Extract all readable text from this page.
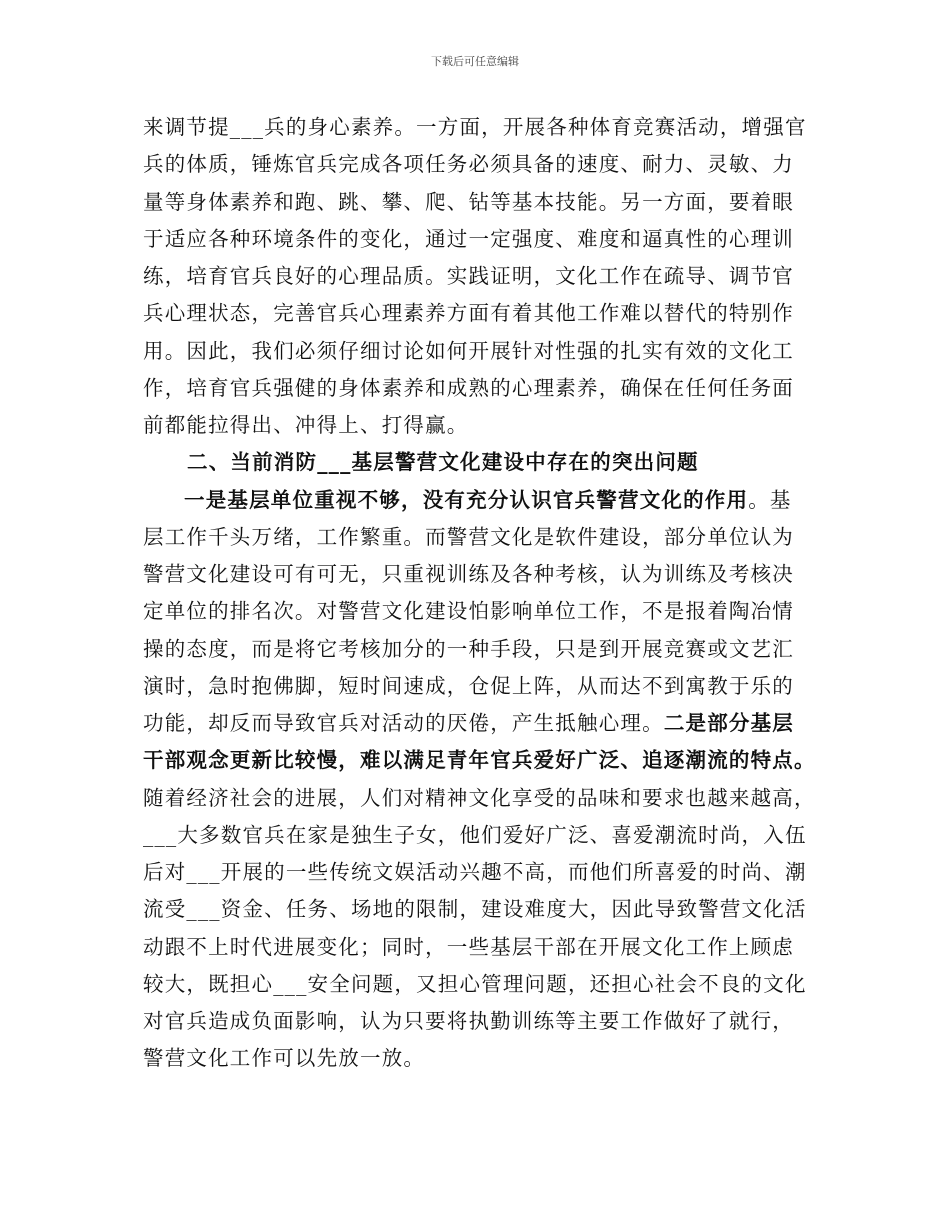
下载后可任意编辑
来调节提___兵的身心素养。一方面，开展各种体育竞赛活动，增强官
兵的体质，锤炼官兵完成各项任务必须具备的速度、耐力、灵敏、力
量等身体素养和跑、跳、攀、爬、钻等基本技能。另一方面，要着眼
于适应各种环境条件的变化，通过一定强度、难度和逼真性的心理训
练，培育官兵良好的心理品质。实践证明，文化工作在疏导、调节官
兵心理状态，完善官兵心理素养方面有着其他工作难以替代的特别作
用。因此，我们必须仔细讨论如何开展针对性强的扎实有效的文化工
作，培育官兵强健的身体素养和成熟的心理素养，确保在任何任务面
前都能拉得出、冲得上、打得赢。
二、当前消防___基层警营文化建设中存在的突出问题
一是基层单位重视不够，没有充分认识官兵警营文化的作用。基
层工作千头万绪，工作繁重。而警营文化是软件建设，部分单位认为
警营文化建设可有可无，只重视训练及各种考核，认为训练及考核决
定单位的排名次。对警营文化建设怕影响单位工作，不是报着陶冶情
操的态度，而是将它考核加分的一种手段，只是到开展竞赛或文艺汇
演时，急时抱佛脚，短时间速成，仓促上阵，从而达不到寓教于乐的
功能，却反而导致官兵对活动的厌倦，产生抵触心理。二是部分基层
干部观念更新比较慢，难以满足青年官兵爱好广泛、追逐潮流的特点。
随着经济社会的进展，人们对精神文化享受的品味和要求也越来越高，
___大多数官兵在家是独生子女，他们爱好广泛、喜爱潮流时尚，入伍
后对___开展的一些传统文娱活动兴趣不高，而他们所喜爱的时尚、潮
流受___资金、任务、场地的限制，建设难度大，因此导致警营文化活
动跟不上时代进展变化；同时，一些基层干部在开展文化工作上顾虑
较大，既担心___安全问题，又担心管理问题，还担心社会不良的文化
对官兵造成负面影响，认为只要将执勤训练等主要工作做好了就行，
警营文化工作可以先放一放。
